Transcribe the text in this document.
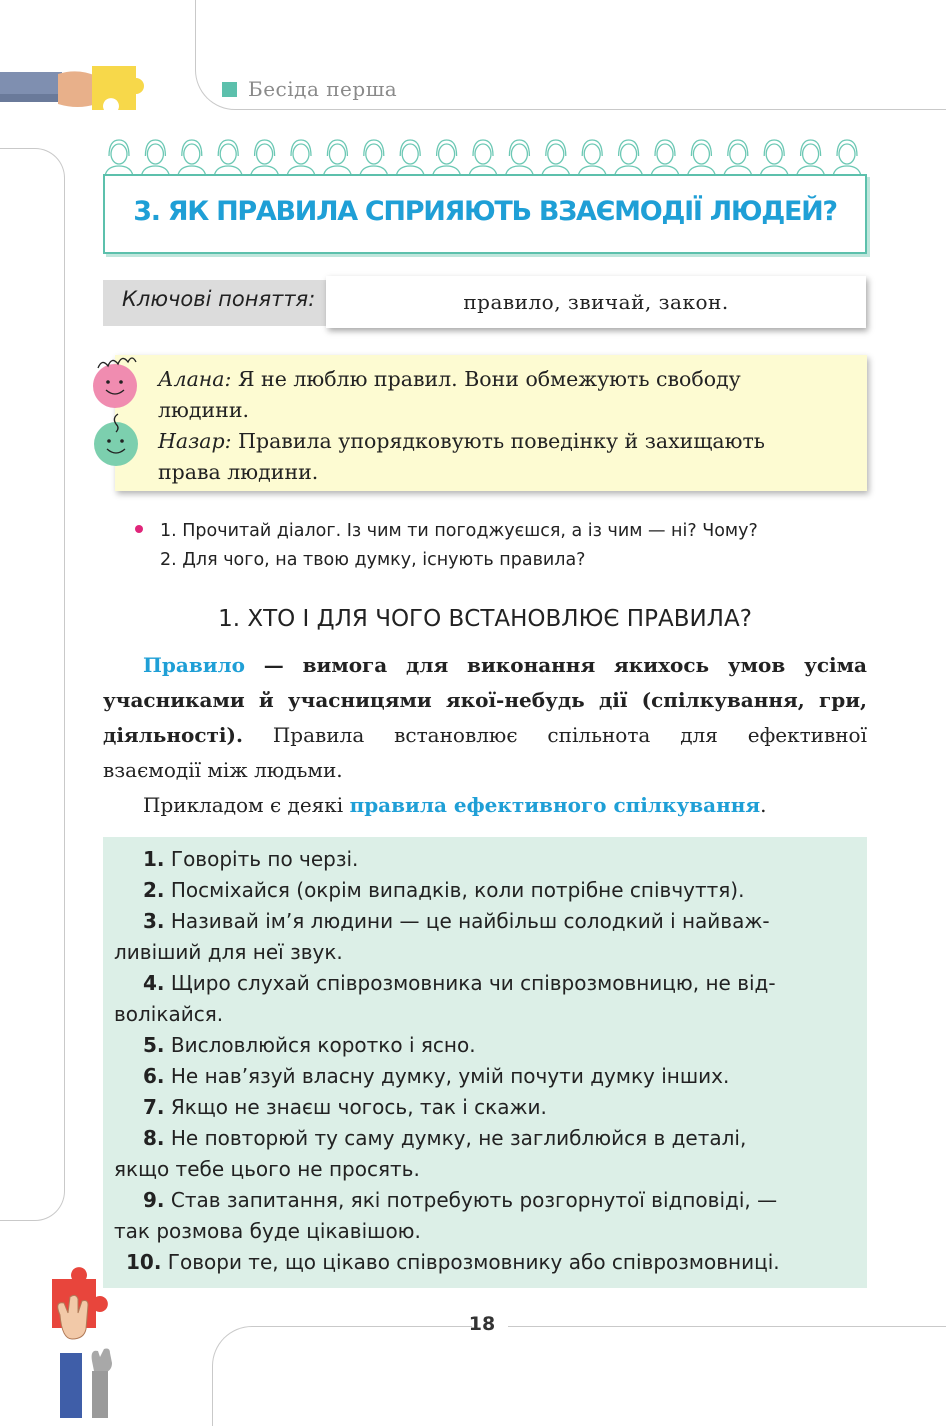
Бесіда перша
3. ЯК ПРАВИЛА СПРИЯЮТЬ ВЗАЄМОДІЇ ЛЮДЕЙ?
Ключові поняття:	правило, звичай, закон.
Алана: Я не люблю правил. Вони обмежують свободу
людини.
Назар: Правила упорядковують поведінку й захищають
права людини.
1. Прочитай діалог. Із чим ти погоджуєшся, а із чим — ні? Чому?
2. Для чого, на твою думку, існують правила?
1. ХТО І ДЛЯ ЧОГО ВСТАНОВЛЮЄ ПРАВИЛА?
Правило — вимога для виконання якихось умов усіма
учасниками й учасницями якої-небудь дії (спілкування, гри,
діяльності). Правила встановлює спільнота для ефективної
взаємодії між людьми.
Прикладом є деякі правила ефективного спілкування.
1. Говоріть по черзі.
2. Посміхайся (окрім випадків, коли потрібне співчуття).
3. Називай ім’я людини — це найбільш солодкий і найваж-
ливіший для неї звук.
4. Щиро слухай співрозмовника чи співрозмовницю, не від-
волікайся.
5. Висловлюйся коротко і ясно.
6. Не нав’язуй власну думку, умій почути думку інших.
7. Якщо не знаєш чогось, так і скажи.
8. Не повторюй ту саму думку, не заглиблюйся в деталі,
якщо тебе цього не просять.
9. Став запитання, які потребують розгорнутої відповіді, —
так розмова буде цікавішою.
10. Говори те, що цікаво співрозмовнику або співрозмовниці.
18
